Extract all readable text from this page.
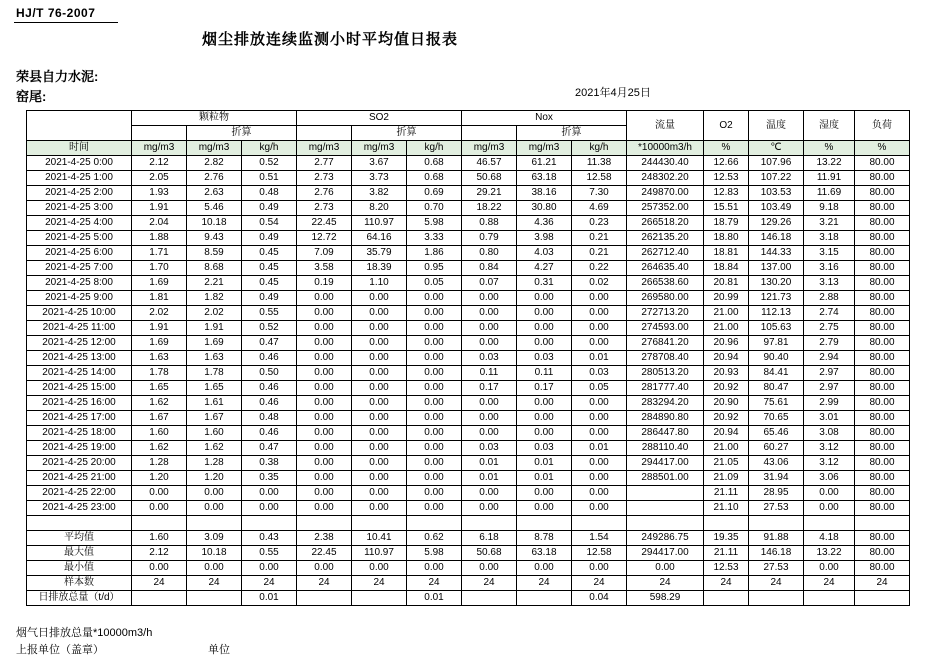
HJ/T 76-2007
烟尘排放连续监测小时平均值日报表
荣县自力水泥:
窑尾:	2021年4月25日
	颗粒物			SO2			Nox			流量	O2	温度	湿度	负荷
		折算			折算			折算						
时间	mg/m3	mg/m3	kg/h	mg/m3	mg/m3	kg/h	mg/m3	mg/m3	kg/h	*10000m3/h	%	℃	%	%
2021-4-25 0:00	2.12	2.82	0.52	2.77	3.67	0.68	46.57	61.21	11.38	244430.40	12.66	107.96	13.22	80.00
2021-4-25 1:00	2.05	2.76	0.51	2.73	3.73	0.68	50.68	63.18	12.58	248302.20	12.53	107.22	11.91	80.00
2021-4-25 2:00	1.93	2.63	0.48	2.76	3.82	0.69	29.21	38.16	7.30	249870.00	12.83	103.53	11.69	80.00
2021-4-25 3:00	1.91	5.46	0.49	2.73	8.20	0.70	18.22	30.80	4.69	257352.00	15.51	103.49	9.18	80.00
2021-4-25 4:00	2.04	10.18	0.54	22.45	110.97	5.98	0.88	4.36	0.23	266518.20	18.79	129.26	3.21	80.00
2021-4-25 5:00	1.88	9.43	0.49	12.72	64.16	3.33	0.79	3.98	0.21	262135.20	18.80	146.18	3.18	80.00
2021-4-25 6:00	1.71	8.59	0.45	7.09	35.79	1.86	0.80	4.03	0.21	262712.40	18.81	144.33	3.15	80.00
2021-4-25 7:00	1.70	8.68	0.45	3.58	18.39	0.95	0.84	4.27	0.22	264635.40	18.84	137.00	3.16	80.00
2021-4-25 8:00	1.69	2.21	0.45	0.19	1.10	0.05	0.07	0.31	0.02	266538.60	20.81	130.20	3.13	80.00
2021-4-25 9:00	1.81	1.82	0.49	0.00	0.00	0.00	0.00	0.00	0.00	269580.00	20.99	121.73	2.88	80.00
2021-4-25 10:00	2.02	2.02	0.55	0.00	0.00	0.00	0.00	0.00	0.00	272713.20	21.00	112.13	2.74	80.00
2021-4-25 11:00	1.91	1.91	0.52	0.00	0.00	0.00	0.00	0.00	0.00	274593.00	21.00	105.63	2.75	80.00
2021-4-25 12:00	1.69	1.69	0.47	0.00	0.00	0.00	0.00	0.00	0.00	276841.20	20.96	97.81	2.79	80.00
2021-4-25 13:00	1.63	1.63	0.46	0.00	0.00	0.00	0.03	0.03	0.01	278708.40	20.94	90.40	2.94	80.00
2021-4-25 14:00	1.78	1.78	0.50	0.00	0.00	0.00	0.11	0.11	0.03	280513.20	20.93	84.41	2.97	80.00
2021-4-25 15:00	1.65	1.65	0.46	0.00	0.00	0.00	0.17	0.17	0.05	281777.40	20.92	80.47	2.97	80.00
2021-4-25 16:00	1.62	1.61	0.46	0.00	0.00	0.00	0.00	0.00	0.00	283294.20	20.90	75.61	2.99	80.00
2021-4-25 17:00	1.67	1.67	0.48	0.00	0.00	0.00	0.00	0.00	0.00	284890.80	20.92	70.65	3.01	80.00
2021-4-25 18:00	1.60	1.60	0.46	0.00	0.00	0.00	0.00	0.00	0.00	286447.80	20.94	65.46	3.08	80.00
2021-4-25 19:00	1.62	1.62	0.47	0.00	0.00	0.00	0.03	0.03	0.01	288110.40	21.00	60.27	3.12	80.00
2021-4-25 20:00	1.28	1.28	0.38	0.00	0.00	0.00	0.01	0.01	0.00	294417.00	21.05	43.06	3.12	80.00
2021-4-25 21:00	1.20	1.20	0.35	0.00	0.00	0.00	0.01	0.01	0.00	288501.00	21.09	31.94	3.06	80.00
2021-4-25 22:00	0.00	0.00	0.00	0.00	0.00	0.00	0.00	0.00	0.00		21.11	28.95	0.00	80.00
2021-4-25 23:00	0.00	0.00	0.00	0.00	0.00	0.00	0.00	0.00	0.00		21.10	27.53	0.00	80.00

平均值	1.60	3.09	0.43	2.38	10.41	0.62	6.18	8.78	1.54	249286.75	19.35	91.88	4.18	80.00
最大值	2.12	10.18	0.55	22.45	110.97	5.98	50.68	63.18	12.58	294417.00	21.11	146.18	13.22	80.00
最小值	0.00	0.00	0.00	0.00	0.00	0.00	0.00	0.00	0.00	0.00	12.53	27.53	0.00	80.00
样本数	24	24	24	24	24	24	24	24	24	24	24	24	24	24
日排放总量（t/d）			0.01			0.01			0.04	598.29				
烟气日排放总量*10000m3/h
上报单位（盖章）	单位
